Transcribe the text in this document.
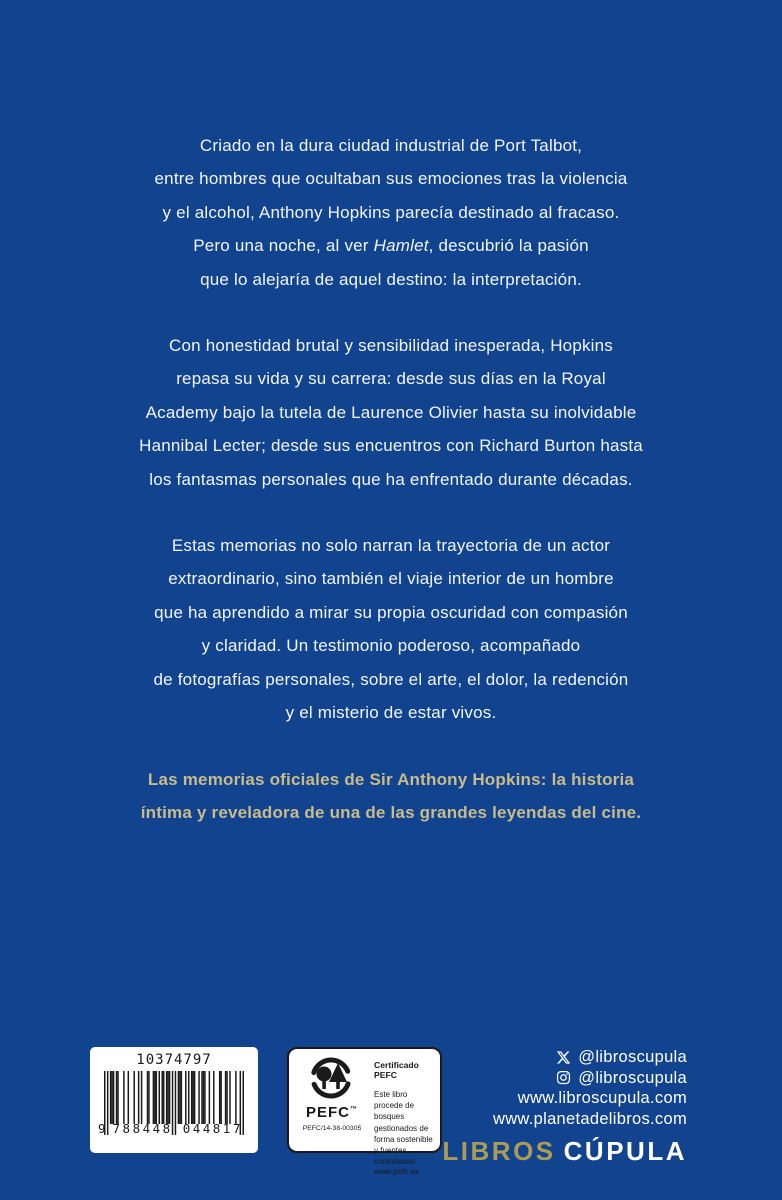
Criado en la dura ciudad industrial de Port Talbot,
entre hombres que ocultaban sus emociones tras la violencia
y el alcohol, Anthony Hopkins parecía destinado al fracaso.
Pero una noche, al ver Hamlet, descubrió la pasión
que lo alejaría de aquel destino: la interpretación.
Con honestidad brutal y sensibilidad inesperada, Hopkins
repasa su vida y su carrera: desde sus días en la Royal
Academy bajo la tutela de Laurence Olivier hasta su inolvidable
Hannibal Lecter; desde sus encuentros con Richard Burton hasta
los fantasmas personales que ha enfrentado durante décadas.
Estas memorias no solo narran la trayectoria de un actor
extraordinario, sino también el viaje interior de un hombre
que ha aprendido a mirar su propia oscuridad con compasión
y claridad. Un testimonio poderoso, acompañado
de fotografías personales, sobre el arte, el dolor, la redención
y el misterio de estar vivos.
Las memorias oficiales de Sir Anthony Hopkins: la historia
íntima y reveladora de una de las grandes leyendas del cine.
10374797
9 788448 044817
PEFC™
PEFC/14-38-00305
Certificado PEFC
Este libro procede de bosques gestionados de forma sostenible y fuentes controladas
www.pefc.es
@libroscupula
@libroscupula
www.libroscupula.com
www.planetadelibros.com
LIBROS CÚPULA
